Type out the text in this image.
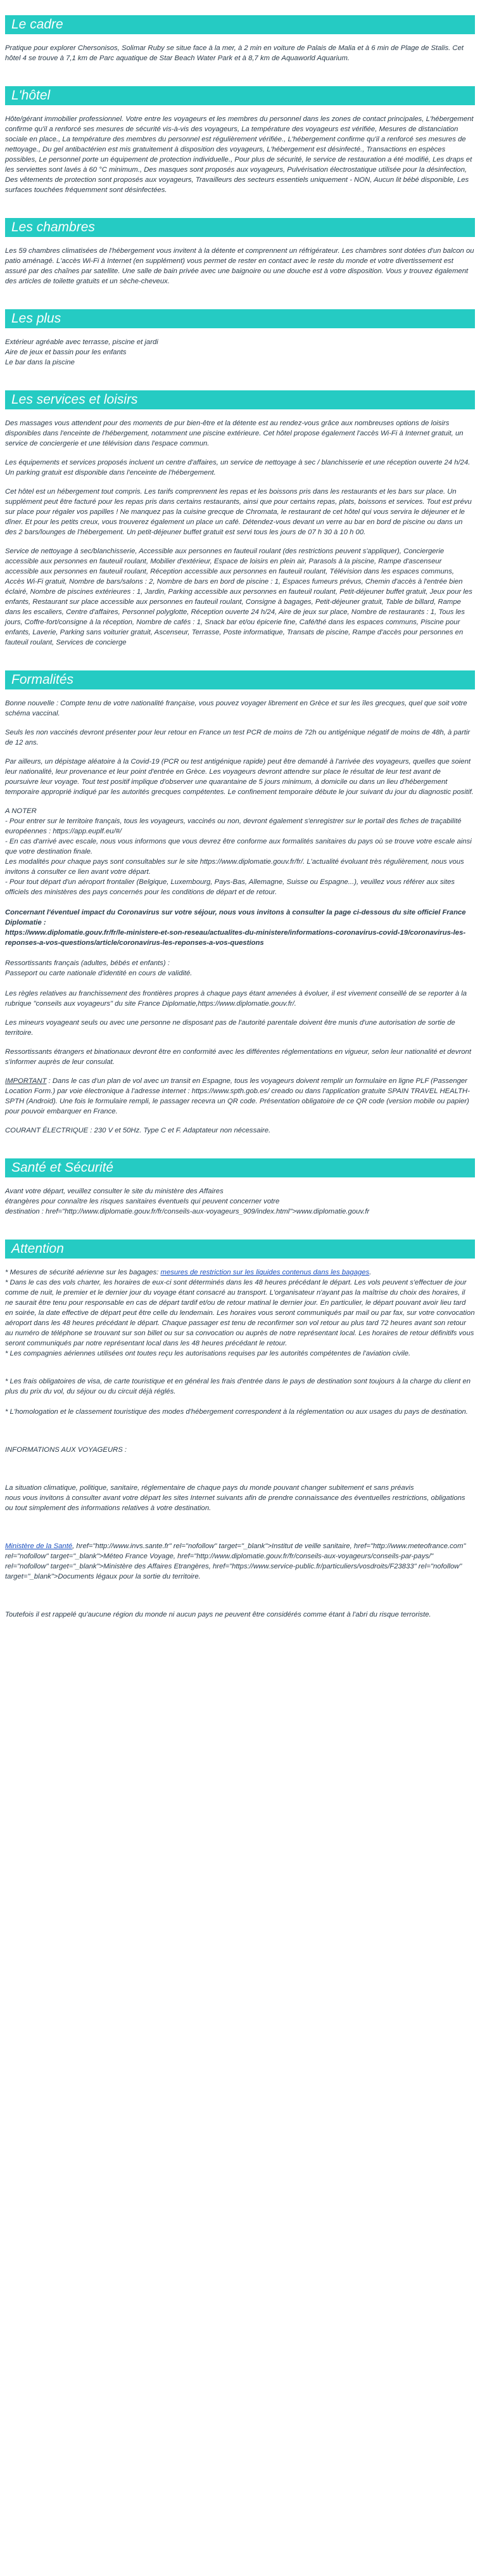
Le cadre

Pratique pour explorer Chersonisos, Solimar Ruby se situe face à la mer, à 2 min en voiture de Palais de Malia et à 6 min de Plage de Stalis. Cet hôtel 4 se trouve à 7,1 km de Parc aquatique de Star Beach Water Park et à 8,7 km de Aquaworld Aquarium.

L'hôtel

Hôte/gérant immobilier professionnel. Votre entre les voyageurs et les membres du personnel dans les zones de contact principales, L'hébergement confirme qu'il a renforcé ses mesures de sécurité vis-à-vis des voyageurs, La température des voyageurs est vérifiée, Mesures de distanciation sociale en place., La température des membres du personnel est régulièrement vérifiée., L'hébergement confirme qu'il a renforcé ses mesures de nettoyage., Du gel antibactérien est mis gratuitement à disposition des voyageurs, L'hébergement est désinfecté., Transactions en espèces possibles, Le personnel porte un équipement de protection individuelle., Pour plus de sécurité, le service de restauration a été modifié, Les draps et les serviettes sont lavés à 60 °C minimum., Des masques sont proposés aux voyageurs, Pulvérisation électrostatique utilisée pour la désinfection, Des vêtements de protection sont proposés aux voyageurs, Travailleurs des secteurs essentiels uniquement - NON, Aucun lit bébé disponible, Les surfaces touchées fréquemment sont désinfectées.

Les chambres

Les 59 chambres climatisées de l'hébergement vous invitent à la détente et comprennent un réfrigérateur. Les chambres sont dotées d'un balcon ou patio aménagé. L'accès Wi-Fi à Internet (en supplément) vous permet de rester en contact avec le reste du monde et votre divertissement est assuré par des chaînes par satellite. Une salle de bain privée avec une baignoire ou une douche est à votre disposition. Vous y trouvez également des articles de toilette gratuits et un sèche-cheveux.

Les plus
Extérieur agréable avec terrasse, piscine et jardi
Aire de jeux et bassin pour les enfants
Le bar dans la piscine
Les services et loisirs

Des massages vous attendent pour des moments de pur bien-être et la détente est au rendez-vous grâce aux nombreuses options de loisirs disponibles dans l'enceinte de l'hébergement, notamment une piscine extérieure. Cet hôtel propose également l'accès Wi-Fi à Internet gratuit, un service de conciergerie et une télévision dans l'espace commun.

Les équipements et services proposés incluent un centre d'affaires, un service de nettoyage à sec / blanchisserie et une réception ouverte 24 h/24. Un parking gratuit est disponible dans l'enceinte de l'hébergement.

Cet hôtel est un hébergement tout compris. Les tarifs comprennent les repas et les boissons pris dans les restaurants et les bars sur place. Un supplément peut être facturé pour les repas pris dans certains restaurants, ainsi que pour certains repas, plats, boissons et services. Tout est prévu sur place pour régaler vos papilles ! Ne manquez pas la cuisine grecque de Chromata, le restaurant de cet hôtel qui vous servira le déjeuner et le dîner. Et pour les petits creux, vous trouverez également un place un café. Détendez-vous devant un verre au bar en bord de piscine ou dans un des 2 bars/lounges de l'hébergement. Un petit-déjeuner buffet gratuit est servi tous les jours de 07 h 30 à 10 h 00.

Service de nettoyage à sec/blanchisserie, Accessible aux personnes en fauteuil roulant (des restrictions peuvent s'appliquer), Conciergerie accessible aux personnes en fauteuil roulant, Mobilier d'extérieur, Espace de loisirs en plein air, Parasols à la piscine, Rampe d'ascenseur accessible aux personnes en fauteuil roulant, Réception accessible aux personnes en fauteuil roulant, Télévision dans les espaces communs, Accès Wi-Fi gratuit, Nombre de bars/salons : 2, Nombre de bars en bord de piscine : 1, Espaces fumeurs prévus, Chemin d'accès à l'entrée bien éclairé, Nombre de piscines extérieures : 1, Jardin, Parking accessible aux personnes en fauteuil roulant, Petit-déjeuner buffet gratuit, Jeux pour les enfants, Restaurant sur place accessible aux personnes en fauteuil roulant, Consigne à bagages, Petit-déjeuner gratuit, Table de billard, Rampe dans les escaliers, Centre d'affaires, Personnel polyglotte, Réception ouverte 24 h/24, Aire de jeux sur place, Nombre de restaurants : 1, Tous les jours, Coffre-fort/consigne à la réception, Nombre de cafés : 1, Snack bar et/ou épicerie fine, Café/thé dans les espaces communs, Piscine pour enfants, Laverie, Parking sans voiturier gratuit, Ascenseur, Terrasse, Poste informatique, Transats de piscine, Rampe d'accès pour personnes en fauteuil roulant, Services de concierge

Formalités

Bonne nouvelle : Compte tenu de votre nationalité française, vous pouvez voyager librement en Grèce et sur les îles grecques, quel que soit votre schéma vaccinal.

Seuls les non vaccinés devront présenter pour leur retour en France un test PCR de moins de 72h ou antigénique négatif de moins de 48h, à partir de 12 ans.

Par ailleurs, un dépistage aléatoire à la Covid-19 (PCR ou test antigénique rapide) peut être demandé à l'arrivée des voyageurs, quelles que soient leur nationalité, leur provenance et leur point d'entrée en Grèce. Les voyageurs devront attendre sur place le résultat de leur test avant de poursuivre leur voyage. Tout test positif implique d'observer une quarantaine de 5 jours minimum, à domicile ou dans un lieu d'hébergement temporaire approprié indiqué par les autorités grecques compétentes. Le confinement temporaire débute le jour suivant du jour du diagnostic positif.

A NOTER
- Pour entrer sur le territoire français, tous les voyageurs, vaccinés ou non, devront également s'enregistrer sur le portail des fiches de traçabilité européennes : https://app.euplf.eu/#/
- En cas d'arrivé avec escale, nous vous informons que vous devrez être conforme aux formalités sanitaires du pays où se trouve votre escale ainsi que votre destination finale.
Les modalités pour chaque pays sont consultables sur le site https://www.diplomatie.gouv.fr/fr/. L'actualité évoluant très régulièrement, nous vous invitons à consulter ce lien avant votre départ.
- Pour tout départ d'un aéroport frontalier (Belgique, Luxembourg, Pays-Bas, Allemagne, Suisse ou Espagne...), veuillez vous référer aux sites officiels des ministères des pays concernés pour les conditions de départ et de retour.
Concernant l'éventuel impact du Coronavirus sur votre séjour, nous vous invitons à consulter la page ci-dessous du site officiel France Diplomatie :
https://www.diplomatie.gouv.fr/fr/le-ministere-et-son-reseau/actualites-du-ministere/informations-coronavirus-covid-19/coronavirus-les-reponses-a-vos-questions/article/coronavirus-les-reponses-a-vos-questions
Ressortissants français (adultes, bébés et enfants) :
Passeport ou carte nationale d'identité en cours de validité.

Les règles relatives au franchissement des frontières propres à chaque pays étant amenées à évoluer, il est vivement conseillé de se reporter à la rubrique "conseils aux voyageurs" du site France Diplomatie,https://www.diplomatie.gouv.fr/.

Les mineurs voyageant seuls ou avec une personne ne disposant pas de l'autorité parentale doivent être munis d'une autorisation de sortie de territoire.

Ressortissants étrangers et binationaux devront être en conformité avec les différentes réglementations en vigueur, selon leur nationalité et devront s'informer auprès de leur consulat.

IMPORTANT : Dans le cas d'un plan de vol avec un transit en Espagne, tous les voyageurs doivent remplir un formulaire en ligne PLF (Passenger Location Form.) par voie électronique à l'adresse internet : https://www.spth.gob.es/ creado ou dans l'application gratuite SPAIN TRAVEL HEALTH-SPTH (Android). Une fois le formulaire rempli, le passager recevra un QR code. Présentation obligatoire de ce QR code (version mobile ou papier) pour pouvoir embarquer en France.

COURANT ÉLECTRIQUE : 230 V et 50Hz. Type C et F. Adaptateur non nécessaire.

Santé et Sécurité
Avant votre départ, veuillez consulter le site du ministère des Affaires
étrangères pour connaître les risques sanitaires éventuels qui peuvent concerner votre
destination : href="http://www.diplomatie.gouv.fr/fr/conseils-aux-voyageurs_909/index.html">www.diplomatie.gouv.fr
Attention
* Mesures de sécurité aérienne sur les bagages: mesures de restriction sur les liquides contenus dans les bagages.
* Dans le cas des vols charter, les horaires de eux-ci sont déterminés dans les 48 heures précédant le départ. Les vols peuvent s'effectuer de jour comme de nuit, le premier et le dernier jour du voyage étant consacré au transport. L'organisateur n'ayant pas la maîtrise du choix des horaires, il ne saurait être tenu pour responsable en cas de départ tardif et/ou de retour matinal le dernier jour. En particulier, le départ pouvant avoir lieu tard en soirée, la date effective de départ peut être celle du lendemain. Les horaires vous seront communiqués par mail ou par fax, sur votre convocation aéroport dans les 48 heures précédant le départ. Chaque passager est tenu de reconfirmer son vol retour au plus tard 72 heures avant son retour au numéro de téléphone se trouvant sur son billet ou sur sa convocation ou auprès de notre représentant local. Les horaires de retour définitifs vous seront communiqués par notre représentant local dans les 48 heures précédant le retour.
* Les compagnies aériennes utilisées ont toutes reçu les autorisations requises par les autorités compétentes de l'aviation civile.
* Les frais obligatoires de visa, de carte touristique et en général les frais d'entrée dans le pays de destination sont toujours à la charge du client en plus du prix du vol, du séjour ou du circuit déjà réglés.
* L'homologation et le classement touristique des modes d'hébergement correspondent à la réglementation ou aux usages du pays de destination.
INFORMATIONS AUX VOYAGEURS :
La situation climatique, politique, sanitaire, réglementaire de chaque pays du monde pouvant changer subitement et sans préavis
nous vous invitons à consulter avant votre départ les sites Internet suivants afin de prendre connaissance des éventuelles restrictions, obligations ou tout simplement des informations relatives à votre destination.
Ministère de la Santé, href="http://www.invs.sante.fr" rel="nofollow" target="_blank">Institut de veille sanitaire, href="http://www.meteofrance.com" rel="nofollow" target="_blank">Méteo France Voyage, href="http://www.diplomatie.gouv.fr/fr/conseils-aux-voyageurs/conseils-par-pays/" rel="nofollow" target="_blank">Ministère des Affaires Etrangères, href="https://www.service-public.fr/particuliers/vosdroits/F23833" rel="nofollow" target="_blank">Documents légaux pour la sortie du territoire.
Toutefois il est rappelé qu'aucune région du monde ni aucun pays ne peuvent être considérés comme étant à l'abri du risque terroriste.
